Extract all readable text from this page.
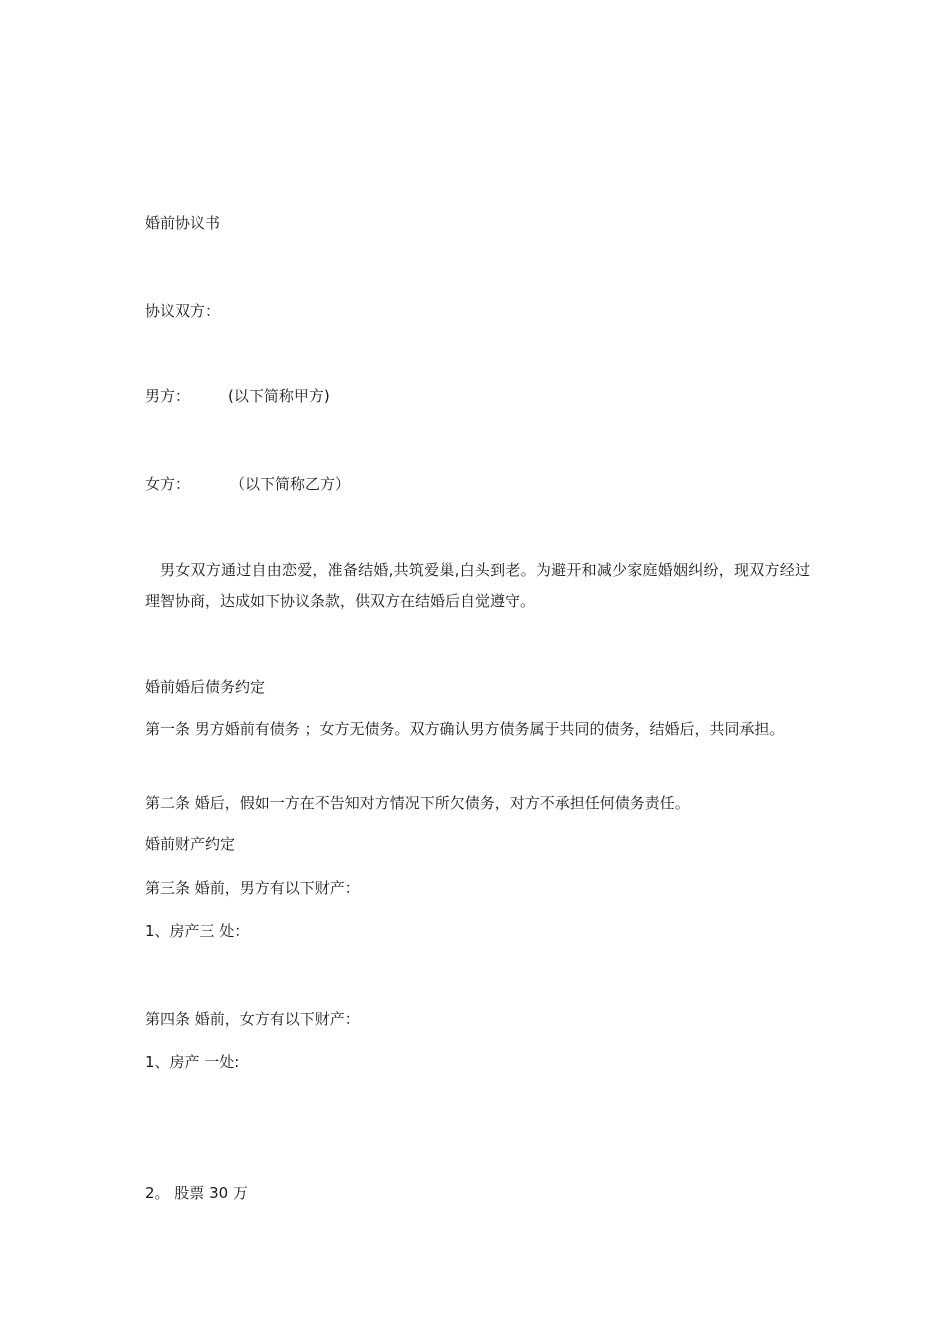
婚前协议书
协议双方：
男方：	(以下简称甲方)
女方：	（以下简称乙方）
男女双方通过自由恋爱，准备结婚,共筑爱巢,白头到老。为避开和减少家庭婚姻纠纷，现双方经过理智协商，达成如下协议条款，供双方在结婚后自觉遵守。
婚前婚后债务约定
第一条 男方婚前有债务 ；女方无债务。双方确认男方债务属于共同的债务，结婚后，共同承担。
第二条 婚后，假如一方在不告知对方情况下所欠债务，对方不承担任何债务责任。
婚前财产约定
第三条 婚前，男方有以下财产：
1、房产三 处：
第四条 婚前，女方有以下财产：
1、房产 一处:
2。 股票 30 万
